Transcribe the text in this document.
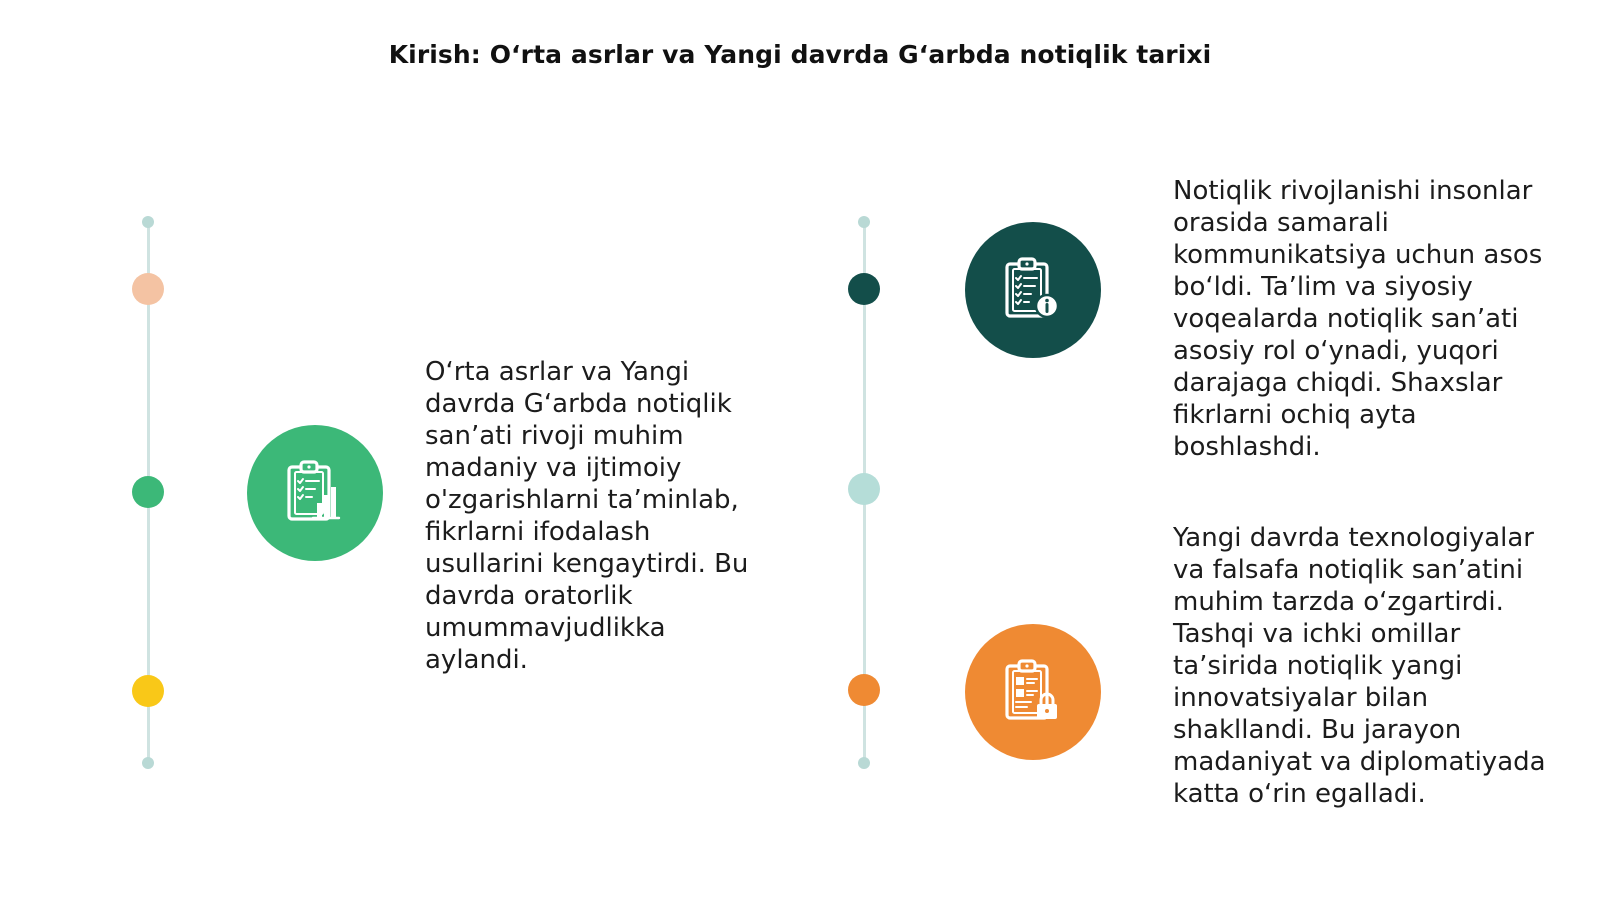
Kirish: O‘rta asrlar va Yangi davrda G‘arbda notiqlik tarixi
O‘rta asrlar va Yangi davrda G‘arbda notiqlik san’ati rivoji muhim madaniy va ijtimoiy o'zgarishlarni ta’minlab, fikrlarni ifodalash usullarini kengaytirdi. Bu davrda oratorlik umummavjudlikka aylandi.
Notiqlik rivojlanishi insonlar orasida samarali kommunikatsiya uchun asos bo‘ldi. Ta’lim va siyosiy voqealarda notiqlik san’ati asosiy rol o‘ynadi, yuqori darajaga chiqdi. Shaxslar fikrlarni ochiq ayta boshlashdi.
Yangi davrda texnologiyalar va falsafa notiqlik san’atini muhim tarzda o‘zgartirdi. Tashqi va ichki omillar ta’sirida notiqlik yangi innovatsiyalar bilan shakllandi. Bu jarayon madaniyat va diplomatiyada katta o‘rin egalladi.
